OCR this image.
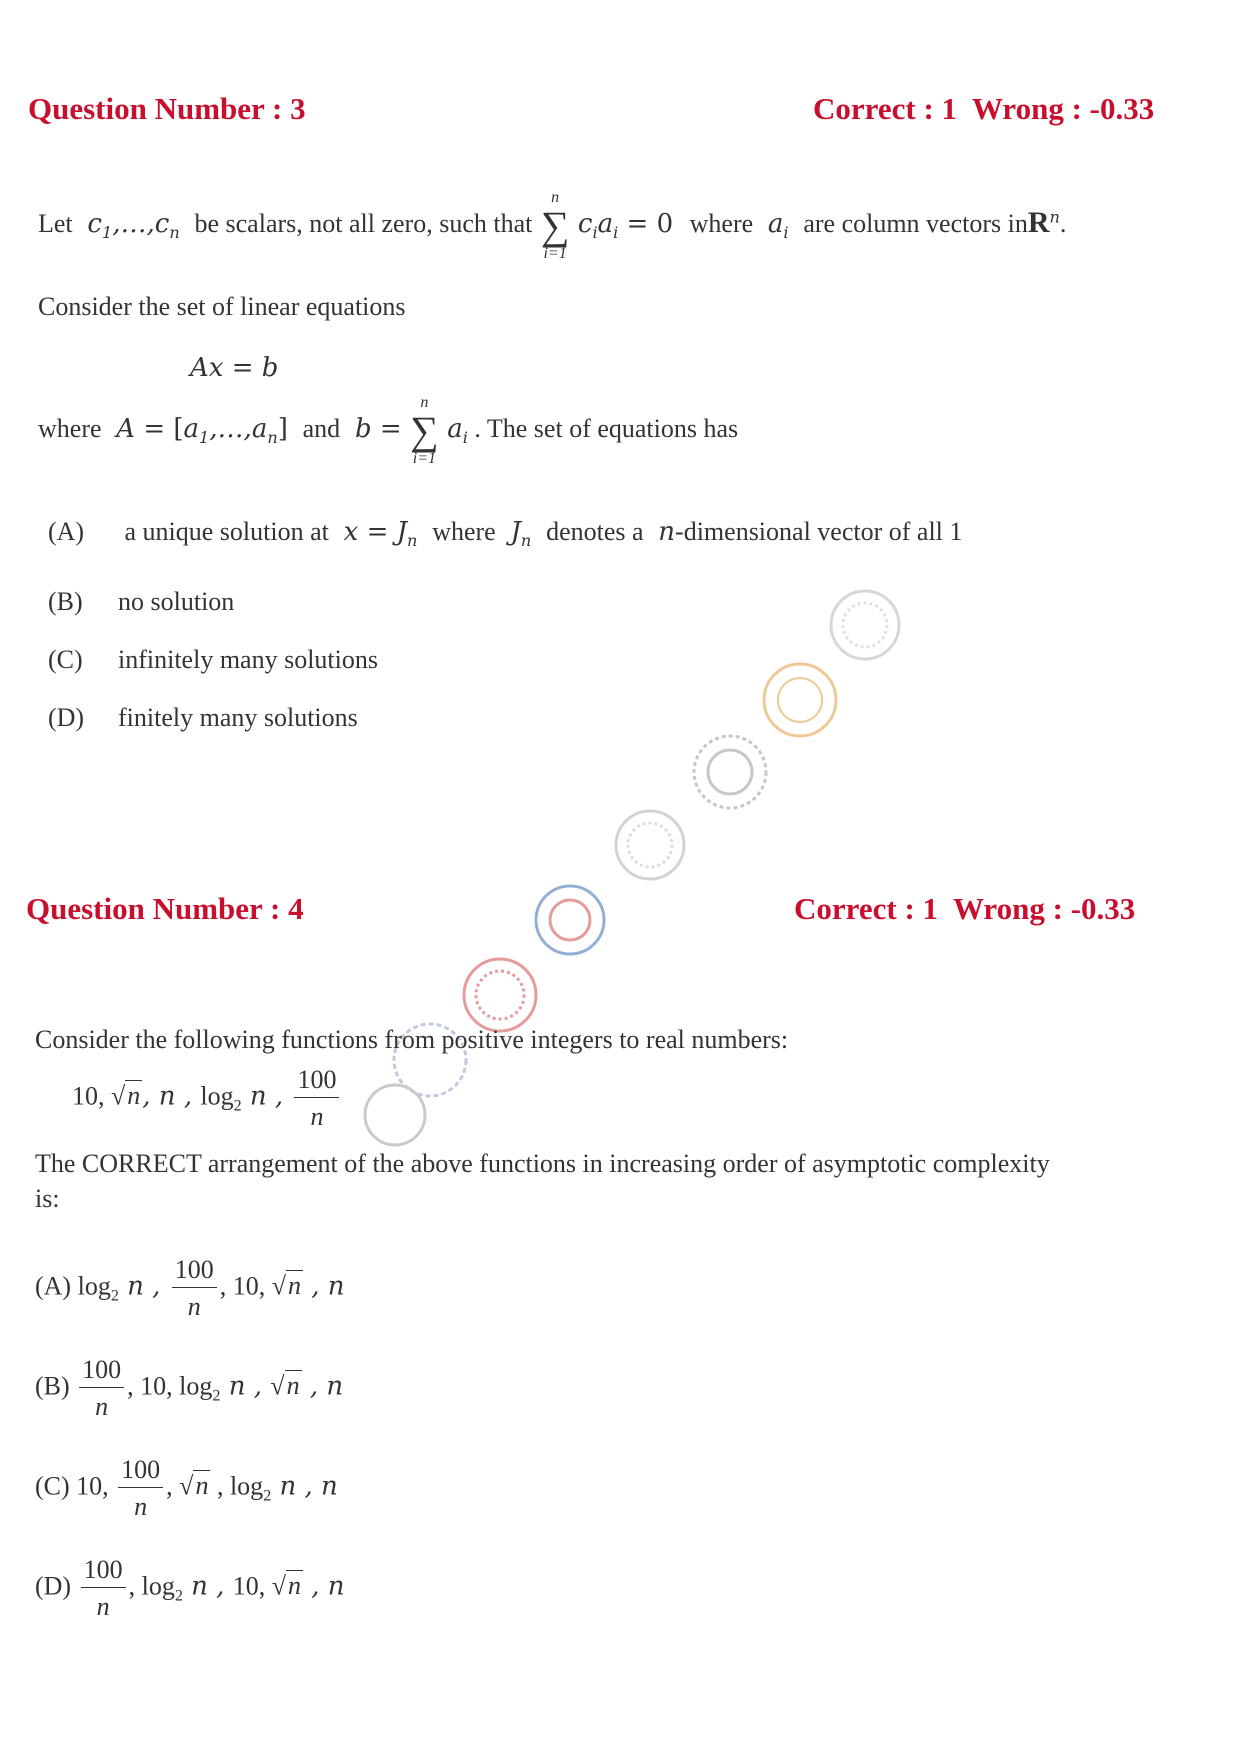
Question Number : 3	Correct : 1  Wrong : -0.33
Let  $c_1,\dots,c_n$ be scalars, not all zero, such that
n
∑
i=1
$c_ia_i = 0$ where  $a_i$ are column vectors inR$^n$.
Consider the set of linear equations
Ax = b
where  $A = [a_1,\dots,a_n]$ and  b =
n
∑
i=1
$a_i$ . The set of equations has
(A) a unique solution at  $x = J_n$ where  $J_n$ denotes a  n-dimensional vector of all 1
(B) no solution
(C) infinitely many solutions
(D) finitely many solutions
Question Number : 4	Correct : 1  Wrong : -0.33
Consider the following functions from positive integers to real numbers:
10, √n, n , $\log_2 n$ , $\frac{100}{n}$
The CORRECT arrangement of the above functions in increasing order of asymptotic complexity
is:
(A) $\log_2 n$ , $\frac{100}{n}$ , 10, √n , n
$(B) \frac{100}{n}$ , 10, $\log_2 n$ , √n , n
(C) 10, $\frac{100}{n}$ , √n , $\log_2 n$ , n
$(D) \frac{100}{n}$ , $\log_2 n$ , 10, √n , n
